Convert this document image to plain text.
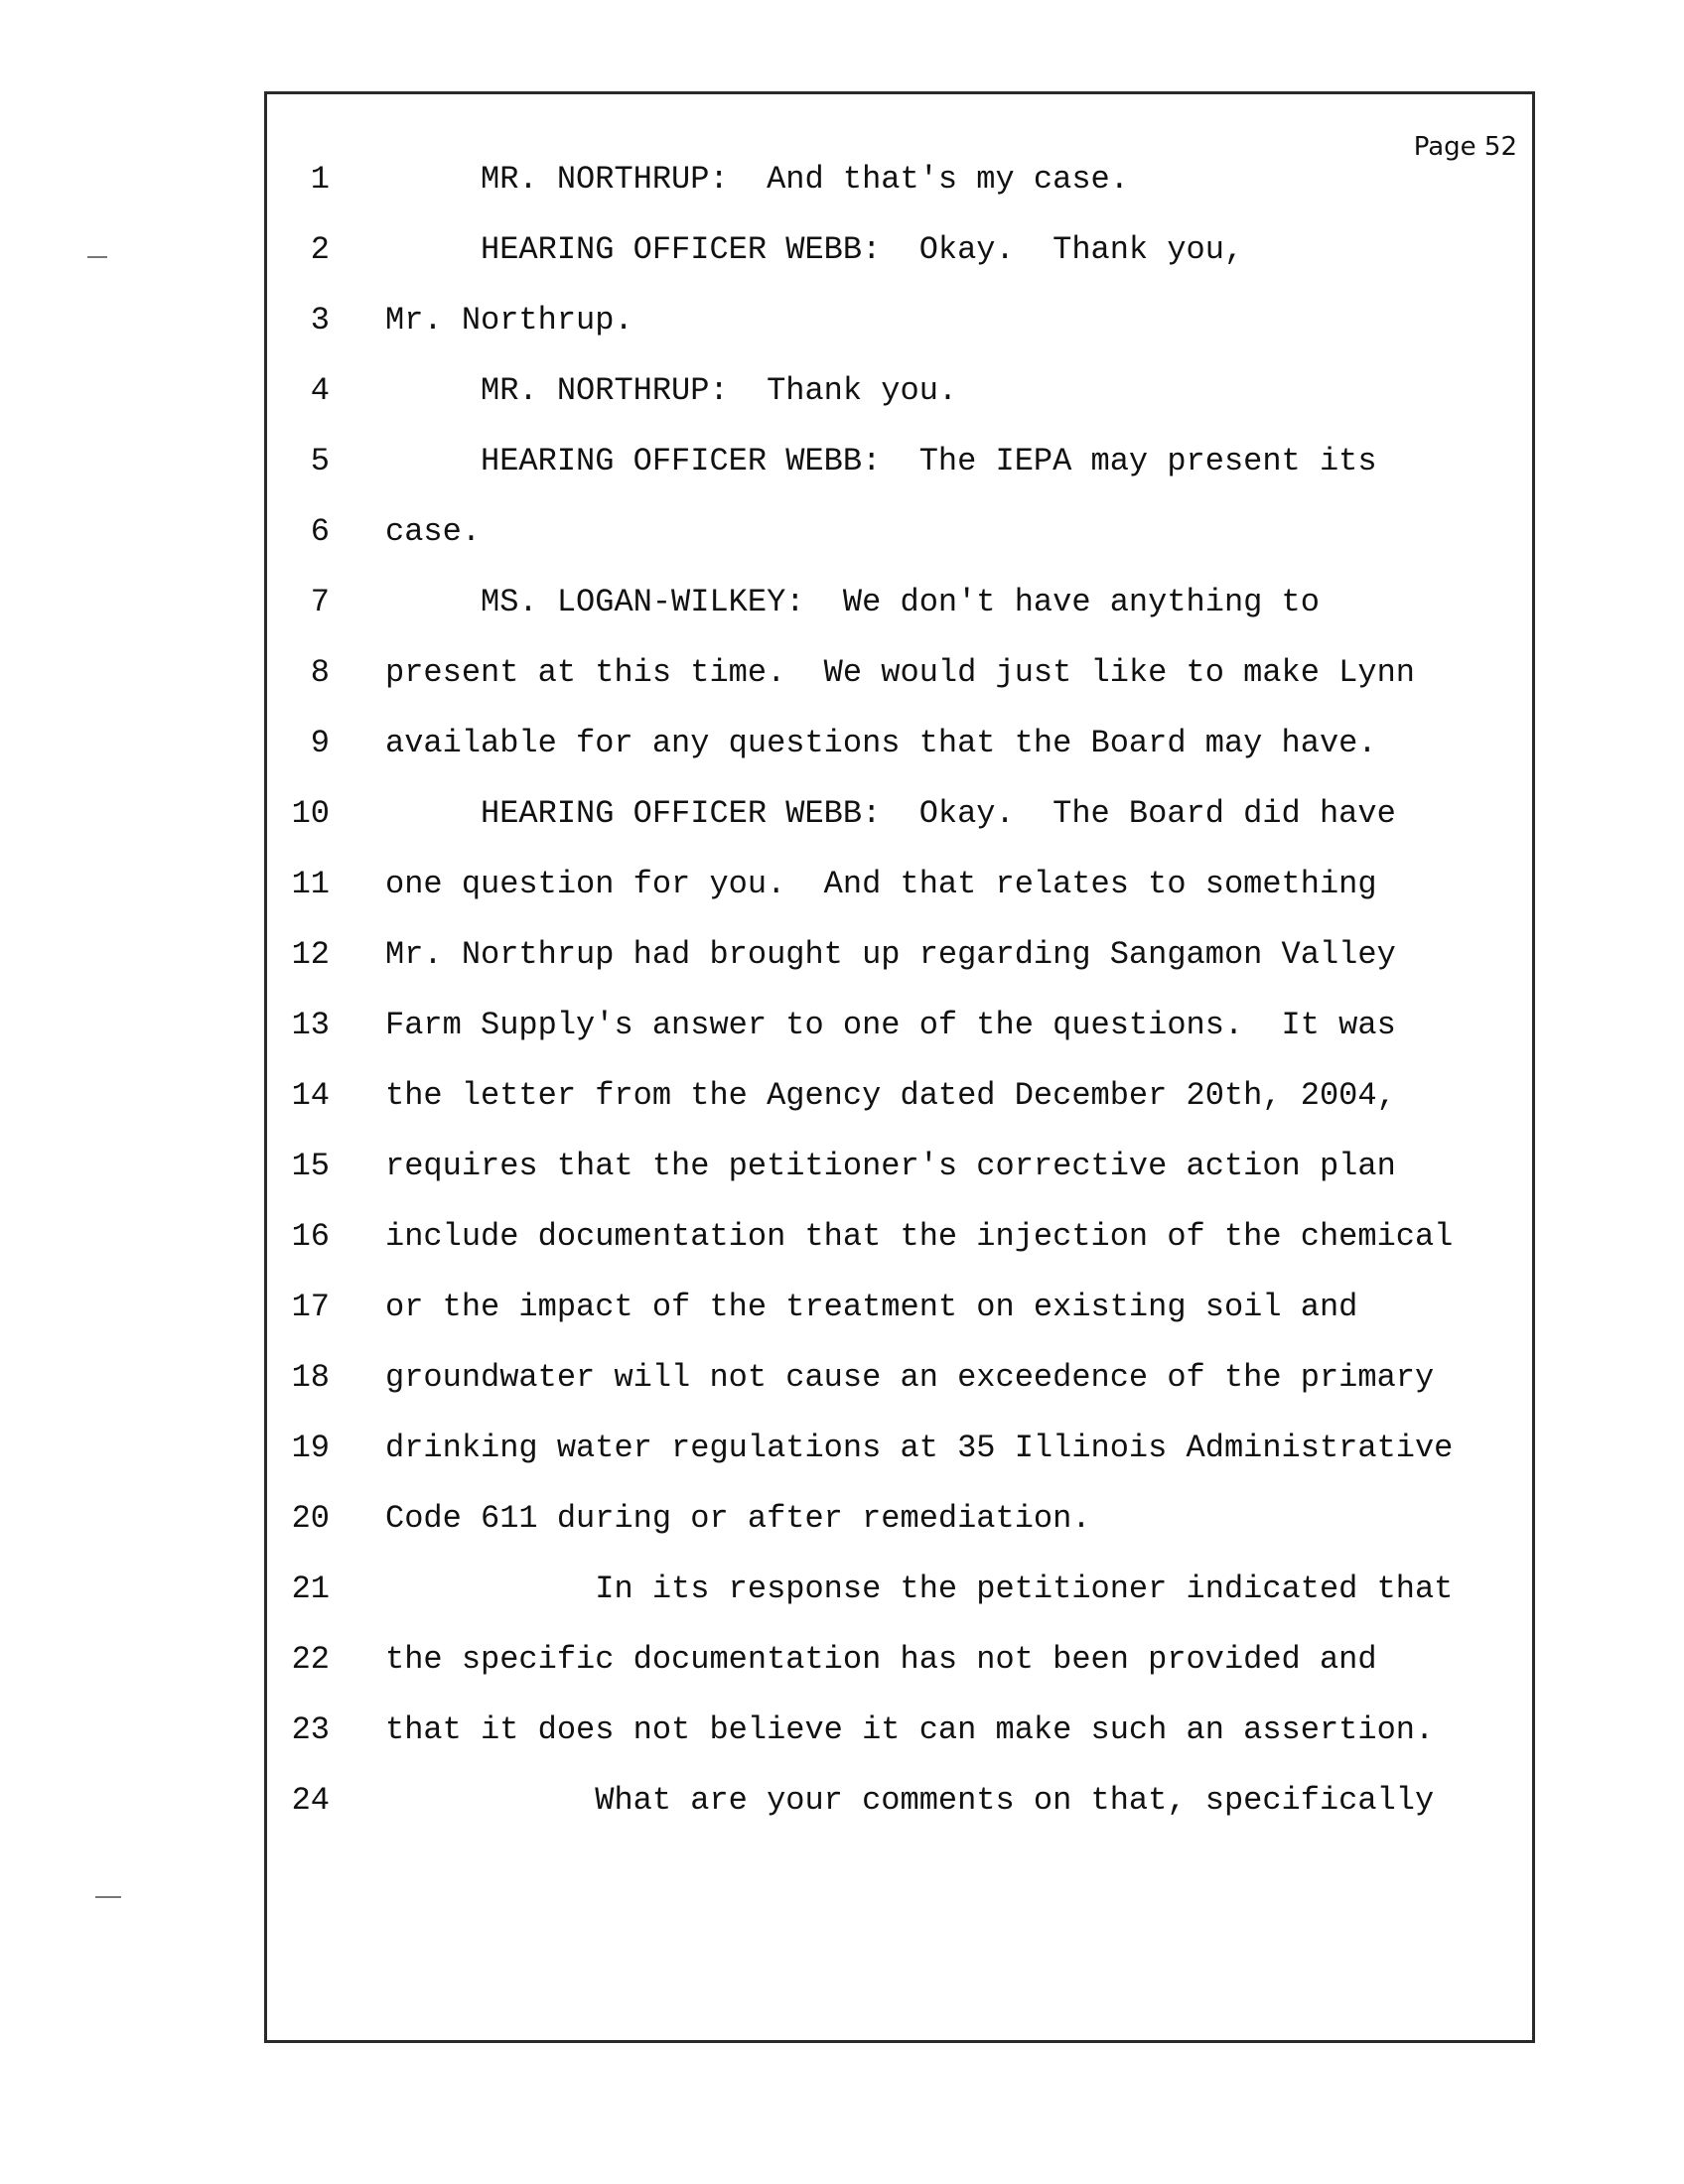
Page 52
1 MR. NORTHRUP:  And that's my case.
2 HEARING OFFICER WEBB:  Okay.  Thank you,
3 Mr. Northrup.
4 MR. NORTHRUP:  Thank you.
5 HEARING OFFICER WEBB:  The IEPA may present its
6 case.
7 MS. LOGAN-WILKEY:  We don't have anything to
8 present at this time.  We would just like to make Lynn
9 available for any questions that the Board may have.
10 HEARING OFFICER WEBB:  Okay.  The Board did have
11 one question for you.  And that relates to something
12 Mr. Northrup had brought up regarding Sangamon Valley
13 Farm Supply's answer to one of the questions.  It was
14 the letter from the Agency dated December 20th, 2004,
15 requires that the petitioner's corrective action plan
16 include documentation that the injection of the chemical
17 or the impact of the treatment on existing soil and
18 groundwater will not cause an exceedence of the primary
19 drinking water regulations at 35 Illinois Administrative
20 Code 611 during or after remediation.
21 In its response the petitioner indicated that
22 the specific documentation has not been provided and
23 that it does not believe it can make such an assertion.
24 What are your comments on that, specifically
